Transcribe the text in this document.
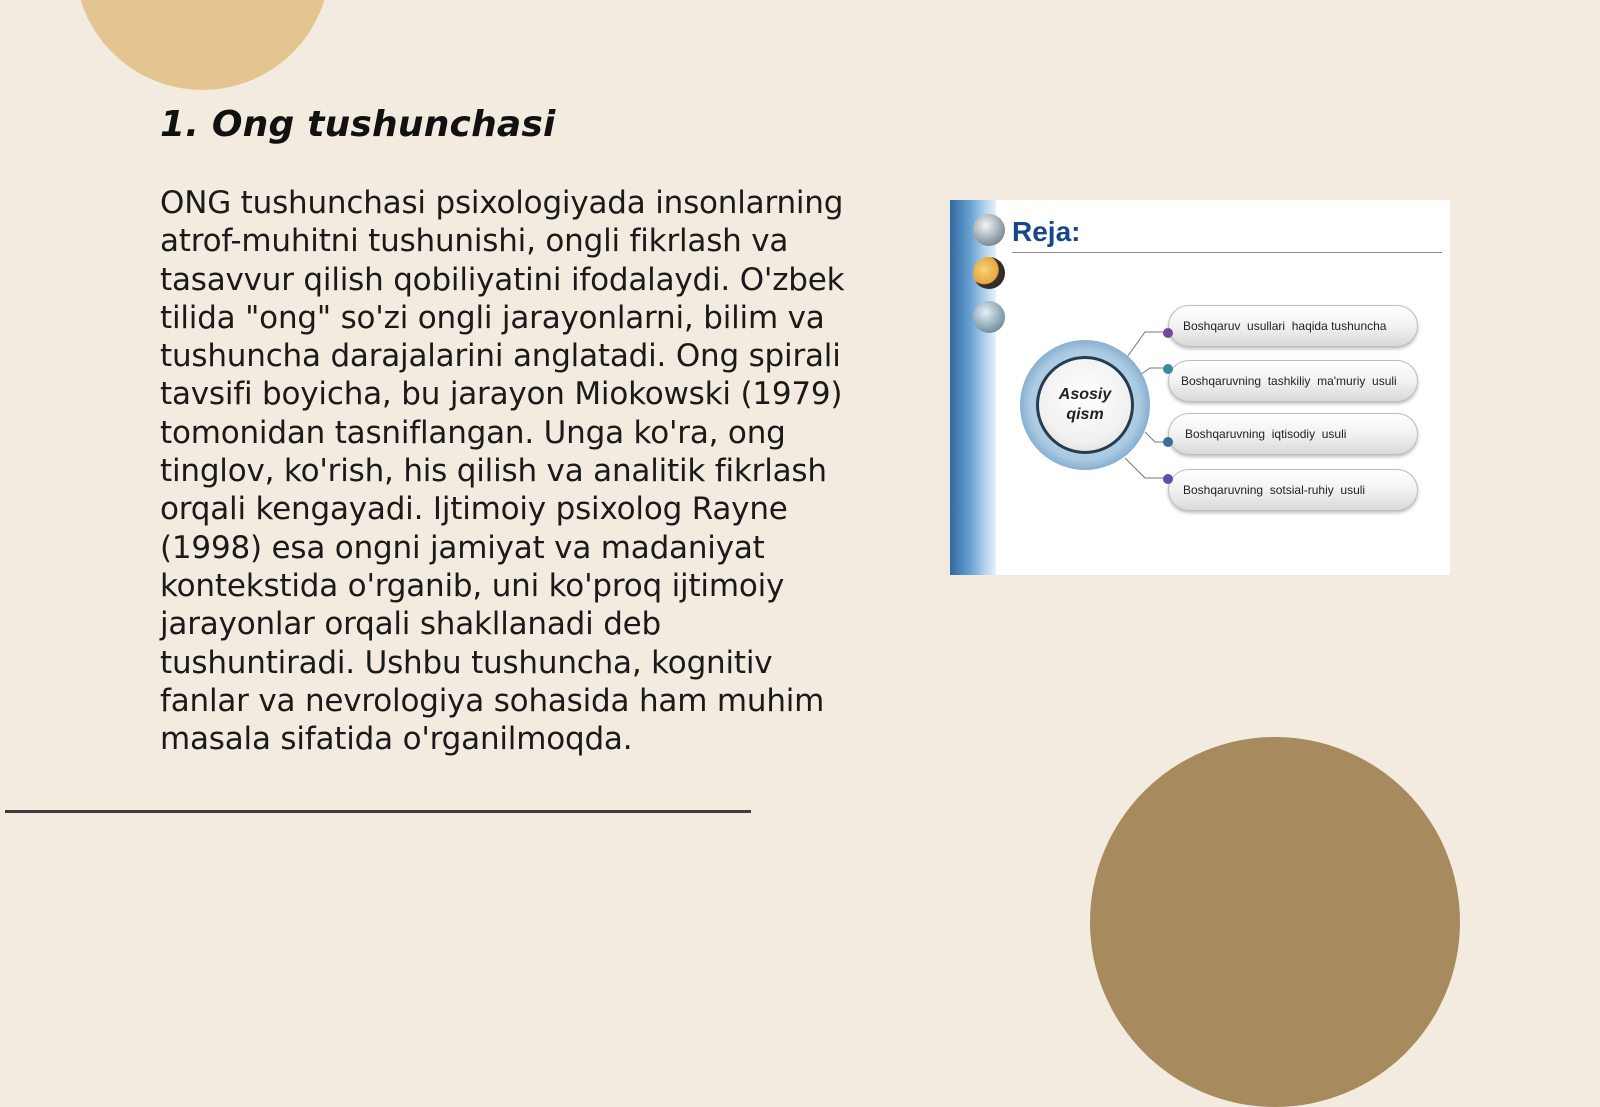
1. Ong tushunchasi

ONG tushunchasi psixologiyada insonlarning atrof-muhitni tushunishi, ongli fikrlash va tasavvur qilish qobiliyatini ifodalaydi. O'zbek tilida "ong" so'zi ongli jarayonlarni, bilim va tushuncha darajalarini anglatadi. Ong spirali tavsifi boyicha, bu jarayon Miokowski (1979) tomonidan tasniflangan. Unga ko'ra, ong tinglov, ko'rish, his qilish va analitik fikrlash orqali kengayadi. Ijtimoiy psixolog Rayne (1998) esa ongni jamiyat va madaniyat kontekstida o'rganib, uni ko'proq ijtimoiy jarayonlar orqali shakllanadi deb tushuntiradi. Ushbu tushuncha, kognitiv fanlar va nevrologiya sohasida ham muhim masala sifatida o'rganilmoqda.

Reja:
Asosiy qism
Boshqaruv  usullari  haqida tushuncha
Boshqaruvning  tashkiliy  ma'muriy  usuli
Boshqaruvning  iqtisodiy  usuli
Boshqaruvning  sotsial-ruhiy  usuli
